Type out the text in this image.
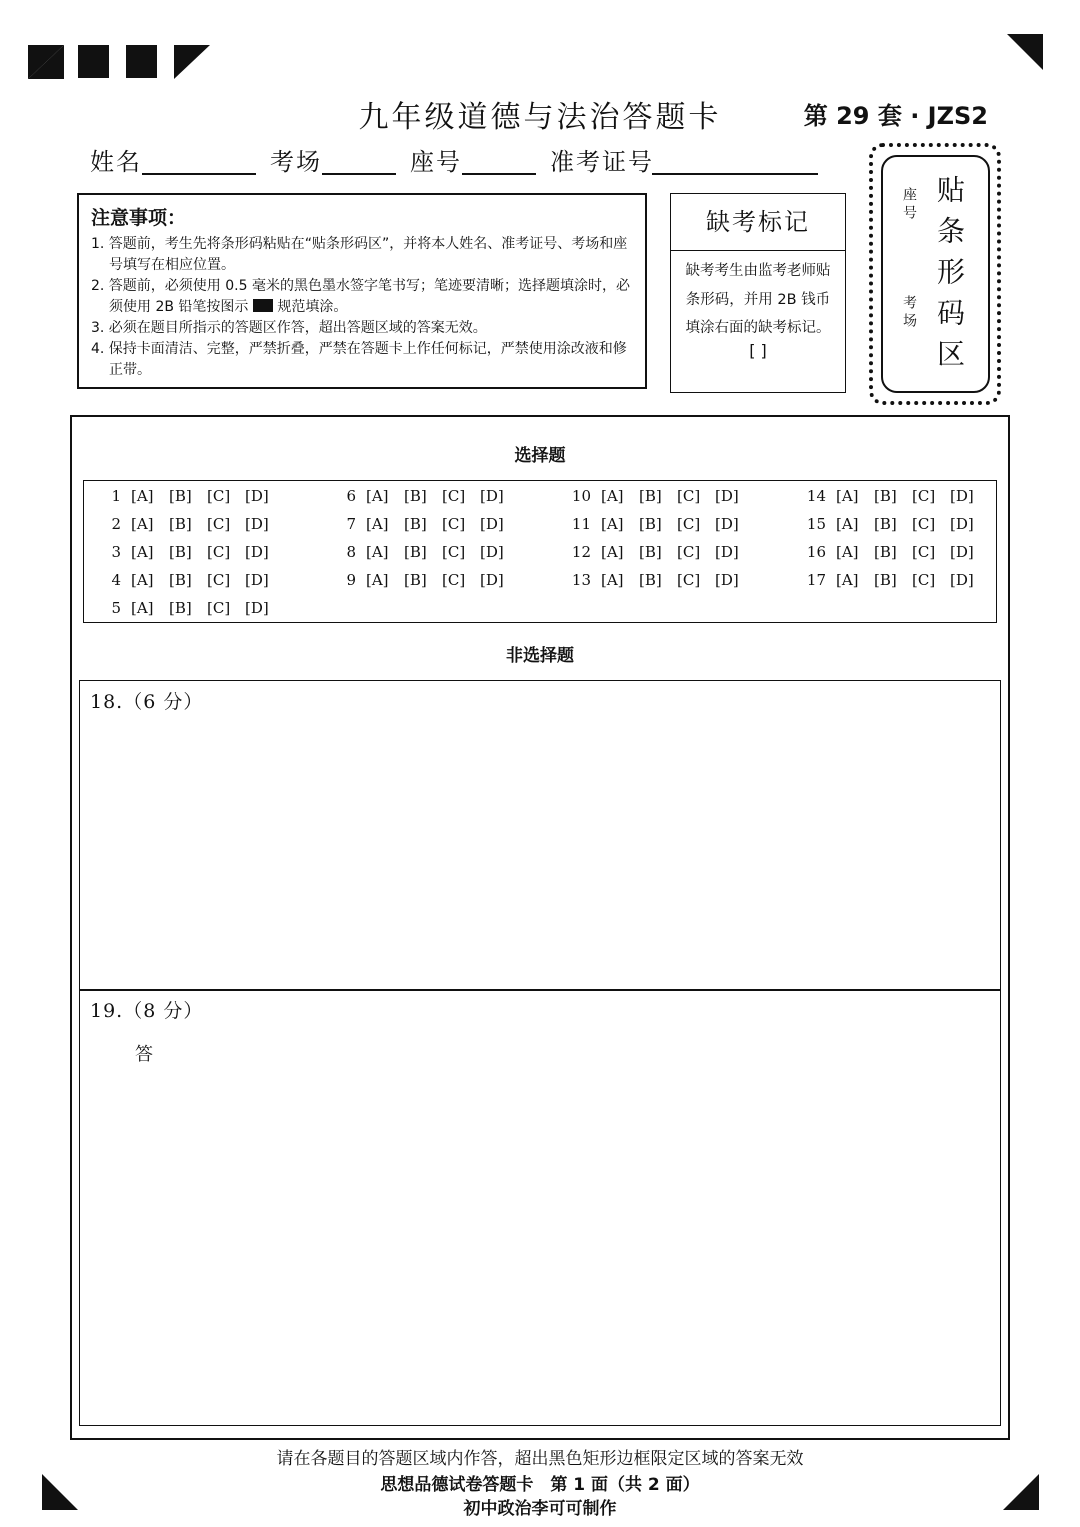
九年级道德与法治答题卡	第 29 套 · JZS2
姓名	考场	座号	准考证号
注意事项：
1. 答题前，考生先将条形码粘贴在“贴条形码区”，并将本人姓名、准考证号、考场和座号填写在相应位置。
2. 答题前，必须使用 0.5 毫米的黑色墨水签字笔书写；笔迹要清晰；选择题填涂时，必须使用 2B 铅笔按图示 规范填涂。
3. 必须在题目所指示的答题区作答，超出答题区域的答案无效。
4. 保持卡面清洁、完整，严禁折叠，严禁在答题卡上作任何标记，严禁使用涂改液和修正带。
缺考标记
缺考考生由监考老师贴条形码，并用 2B 钱币填涂右面的缺考标记。
[ ]	贴条形码区
座号
考场
选择题
1 [A] [B] [C] [D]
2 [A] [B] [C] [D]
3 [A] [B] [C] [D]
4 [A] [B] [C] [D]
5 [A] [B] [C] [D]
6 [A] [B] [C] [D]
7 [A] [B] [C] [D]
8 [A] [B] [C] [D]
9 [A] [B] [C] [D]
10 [A] [B] [C] [D]
11 [A] [B] [C] [D]
12 [A] [B] [C] [D]
13 [A] [B] [C] [D]
14 [A] [B] [C] [D]
15 [A] [B] [C] [D]
16 [A] [B] [C] [D]
17 [A] [B] [C] [D]
非选择题
18.（6 分）
19.（8 分）
答
请在各题目的答题区域内作答，超出黑色矩形边框限定区域的答案无效
思想品德试卷答题卡　第 1 面（共 2 面）
初中政治李可可制作
